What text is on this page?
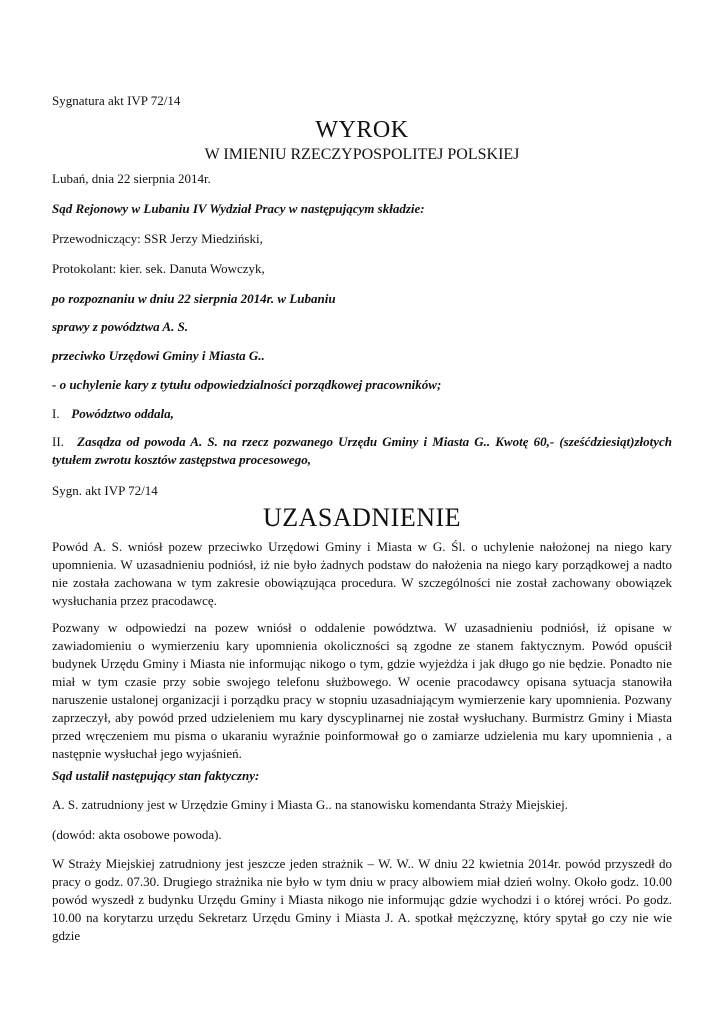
Sygnatura akt IVP 72/14

WYROK

W IMIENIU RZECZYPOSPOLITEJ POLSKIEJ

Lubań, dnia 22 sierpnia 2014r.

Sąd Rejonowy w Lubaniu IV Wydział Pracy w następującym składzie:

Przewodniczący: SSR Jerzy Miedziński,

Protokolant: kier. sek. Danuta Wowczyk,

po rozpoznaniu w dniu 22 sierpnia 2014r. w Lubaniu

sprawy z powództwa A. S.

przeciwko Urzędowi Gminy i Miasta G..

- o uchylenie kary z tytułu odpowiedzialności porządkowej pracowników;

I. Powództwo oddala,

II. Zasądza od powoda A. S. na rzecz pozwanego Urzędu Gminy i Miasta G.. Kwotę 60,- (sześćdziesiąt)złotych tytułem zwrotu kosztów zastępstwa procesowego,

Sygn. akt IVP 72/14

UZASADNIENIE

Powód A. S. wniósł pozew przeciwko Urzędowi Gminy i Miasta w G. Śl. o uchylenie nałożonej na niego kary upomnienia. W uzasadnieniu podniósł, iż nie było żadnych podstaw do nałożenia na niego kary porządkowej a nadto nie została zachowana w tym zakresie obowiązująca procedura. W szczególności nie został zachowany obowiązek wysłuchania przez pracodawcę.

Pozwany w odpowiedzi na pozew wniósł o oddalenie powództwa. W uzasadnieniu podniósł, iż opisane w zawiadomieniu o wymierzeniu kary upomnienia okoliczności są zgodne ze stanem faktycznym. Powód opuścił budynek Urzędu Gminy i Miasta nie informując nikogo o tym, gdzie wyjeżdża i jak długo go nie będzie. Ponadto nie miał w tym czasie przy sobie swojego telefonu służbowego. W ocenie pracodawcy opisana sytuacja stanowiła naruszenie ustalonej organizacji i porządku pracy w stopniu uzasadniającym wymierzenie kary upomnienia. Pozwany zaprzeczył, aby powód przed udzieleniem mu kary dyscyplinarnej nie został wysłuchany. Burmistrz Gminy i Miasta przed wręczeniem mu pisma o ukaraniu wyraźnie poinformował go o zamiarze udzielenia mu kary upomnienia , a następnie wysłuchał jego wyjaśnień.

Sąd ustalił następujący stan faktyczny:

A. S. zatrudniony jest w Urzędzie Gminy i Miasta G.. na stanowisku komendanta Straży Miejskiej.

(dowód: akta osobowe powoda).

W Straży Miejskiej zatrudniony jest jeszcze jeden strażnik – W. W.. W dniu 22 kwietnia 2014r. powód przyszedł do pracy o godz. 07.30. Drugiego strażnika nie było w tym dniu w pracy albowiem miał dzień wolny. Około godz. 10.00 powód wyszedł z budynku Urzędu Gminy i Miasta nikogo nie informując gdzie wychodzi i o której wróci. Po godz. 10.00 na korytarzu urzędu Sekretarz Urzędu Gminy i Miasta J. A. spotkał mężczyznę, który spytał go czy nie wie gdzie
